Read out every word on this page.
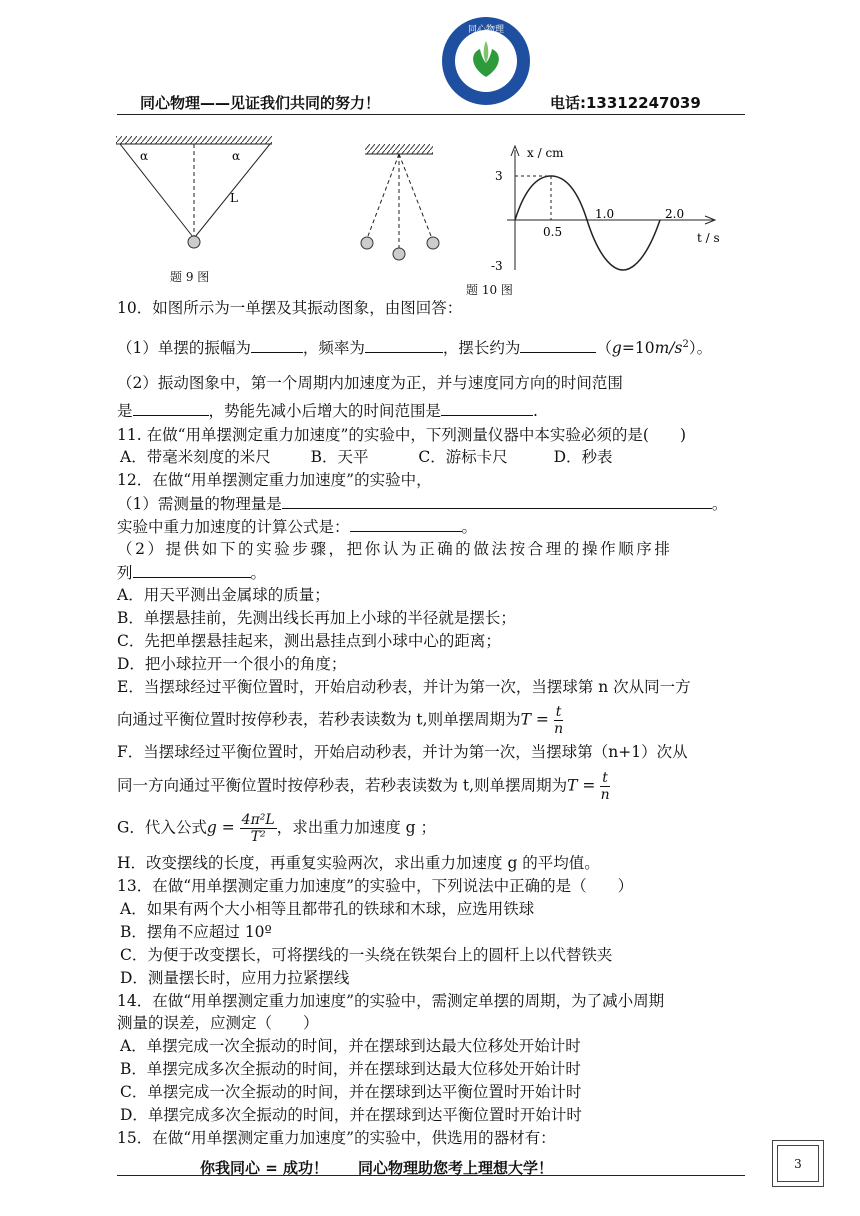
同心物理——见证我们共同的努力！	电话:13312247039
同心物理
α	α
L
题 9 图
x / cm
t / s
3
-3
0.5
1.0	2.0
题 10 图
10．如图所示为一单摆及其振动图象，由图回答：
（1）单摆的振幅为	，频率为	，摆长约为	$(g=10m/s^2)$。
（2）振动图象中，第一个周期内加速度为正，并与速度同方向的时间范围
是	，势能先减小后增大的时间范围是	.
11. 在做“用单摆测定重力加速度”的实验中，下列测量仪器中本实验必须的是(　　)
A．带毫米刻度的米尺	B．天平	C．游标卡尺	D．秒表
12．在做“用单摆测定重力加速度”的实验中，
（1）需测量的物理量是	。
实验中重力加速度的计算公式是：	。
（2）提供如下的实验步骤，把你认为正确的做法按合理的操作顺序排
列	。
A．用天平测出金属球的质量；
B．单摆悬挂前，先测出线长再加上小球的半径就是摆长；
C．先把单摆悬挂起来，测出悬挂点到小球中心的距离；
D．把小球拉开一个很小的角度；
E．当摆球经过平衡位置时，开始启动秒表，并计为第一次，当摆球第 n 次从同一方
向通过平衡位置时按停秒表，若秒表读数为 t,则单摆周期为$T = \frac{t}{n}$
F．当摆球经过平衡位置时，开始启动秒表，并计为第一次，当摆球第（n+1）次从
同一方向通过平衡位置时按停秒表，若秒表读数为 t,则单摆周期为$T = \frac{t}{n}$
G．代入公式$g = \frac{\text{4π²L}}{\text{T²}}$ ，求出重力加速度 g ；
H．改变摆线的长度，再重复实验两次，求出重力加速度 g 的平均值。
13．在做“用单摆测定重力加速度”的实验中，下列说法中正确的是（　　）
A．如果有两个大小相等且都带孔的铁球和木球，应选用铁球
B．摆角不应超过 10º
C．为便于改变摆长，可将摆线的一头绕在铁架台上的圆杆上以代替铁夹
D．测量摆长时，应用力拉紧摆线
14．在做“用单摆测定重力加速度”的实验中，需测定单摆的周期，为了减小周期
测量的误差，应测定（　　）
A．单摆完成一次全振动的时间，并在摆球到达最大位移处开始计时
B．单摆完成多次全振动的时间，并在摆球到达最大位移处开始计时
C．单摆完成一次全振动的时间，并在摆球到达平衡位置时开始计时
D．单摆完成多次全振动的时间，并在摆球到达平衡位置时开始计时
15．在做“用单摆测定重力加速度”的实验中，供选用的器材有：
你我同心 = 成功！　　同心物理助您考上理想大学！	3
